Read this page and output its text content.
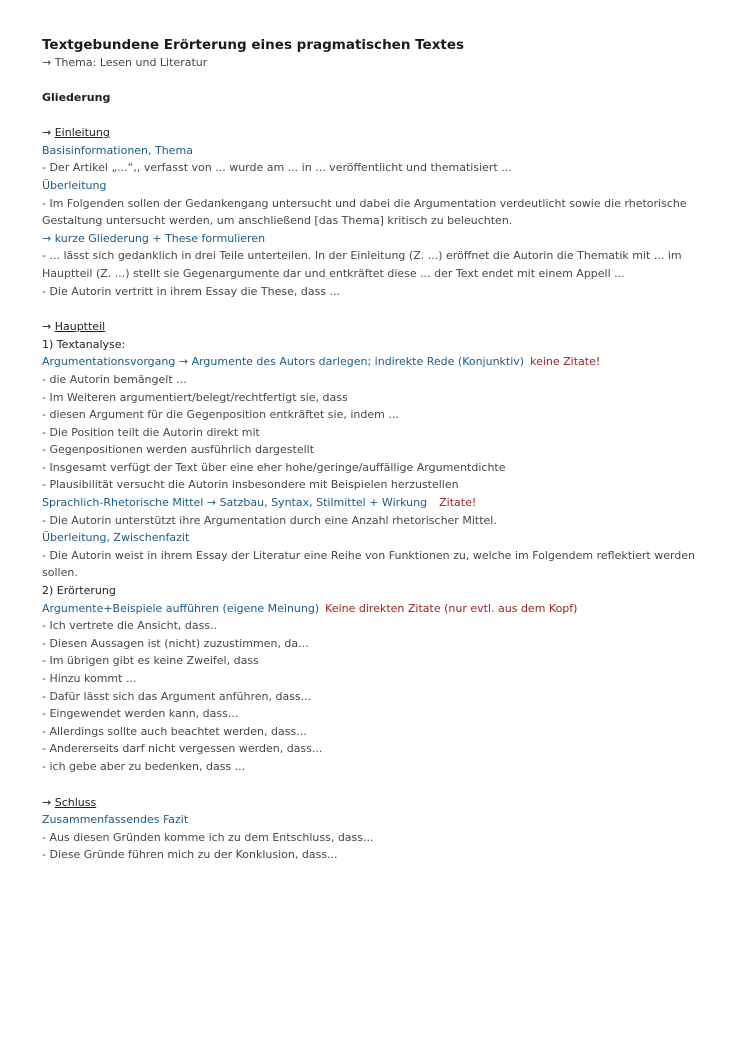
Textgebundene Erörterung eines pragmatischen Textes

→ Thema: Lesen und Literatur

Gliederung

→ Einleitung

Basisinformationen, Thema

- Der Artikel „...“,, verfasst von ... wurde am ... in ... veröffentlicht und thematisiert ...

Überleitung

- Im Folgenden sollen der Gedankengang untersucht und dabei die Argumentation verdeutlicht sowie die rhetorische Gestaltung untersucht werden, um anschließend [das Thema] kritisch zu beleuchten.

→ kurze Gliederung + These formulieren

- ... lässt sich gedanklich in drei Teile unterteilen. In der Einleitung (Z. ...) eröffnet die Autorin die Thematik mit ... im Hauptteil (Z. ...) stellt sie Gegenargumente dar und entkräftet diese ... der Text endet mit einem Appell ...

- Die Autorin vertritt in ihrem Essay die These, dass ...

→ Hauptteil

1) Textanalyse:

Argumentationsvorgang → Argumente des Autors darlegen; indirekte Rede (Konjunktiv) keine Zitate!

- die Autorin bemängelt ...

- Im Weiteren argumentiert/belegt/rechtfertigt sie, dass

- diesen Argument für die Gegenposition entkräftet sie, indem ...

- Die Position teilt die Autorin direkt mit

- Gegenpositionen werden ausführlich dargestellt

- Insgesamt verfügt der Text über eine eher hohe/geringe/auffällige Argumentdichte

- Plausibilität versucht die Autorin insbesondere mit Beispielen herzustellen

Sprachlich-Rhetorische Mittel → Satzbau, Syntax, Stilmittel + Wirkung Zitate!

- Die Autorin unterstützt ihre Argumentation durch eine Anzahl rhetorischer Mittel.

Überleitung, Zwischenfazit

- Die Autorin weist in ihrem Essay der Literatur eine Reihe von Funktionen zu, welche im Folgendem reflektiert werden sollen.

2) Erörterung

Argumente+Beispiele aufführen (eigene Meinung) Keine direkten Zitate (nur evtl. aus dem Kopf)

- Ich vertrete die Ansicht, dass..

- Diesen Aussagen ist (nicht) zuzustimmen, da...

- Im übrigen gibt es keine Zweifel, dass

- Hinzu kommt ...

- Dafür lässt sich das Argument anführen, dass...

- Eingewendet werden kann, dass...

- Allerdings sollte auch beachtet werden, dass...

- Andererseits darf nicht vergessen werden, dass...

- ich gebe aber zu bedenken, dass ...

→ Schluss

Zusammenfassendes Fazit

- Aus diesen Gründen komme ich zu dem Entschluss, dass...

- Diese Gründe führen mich zu der Konklusion, dass...
